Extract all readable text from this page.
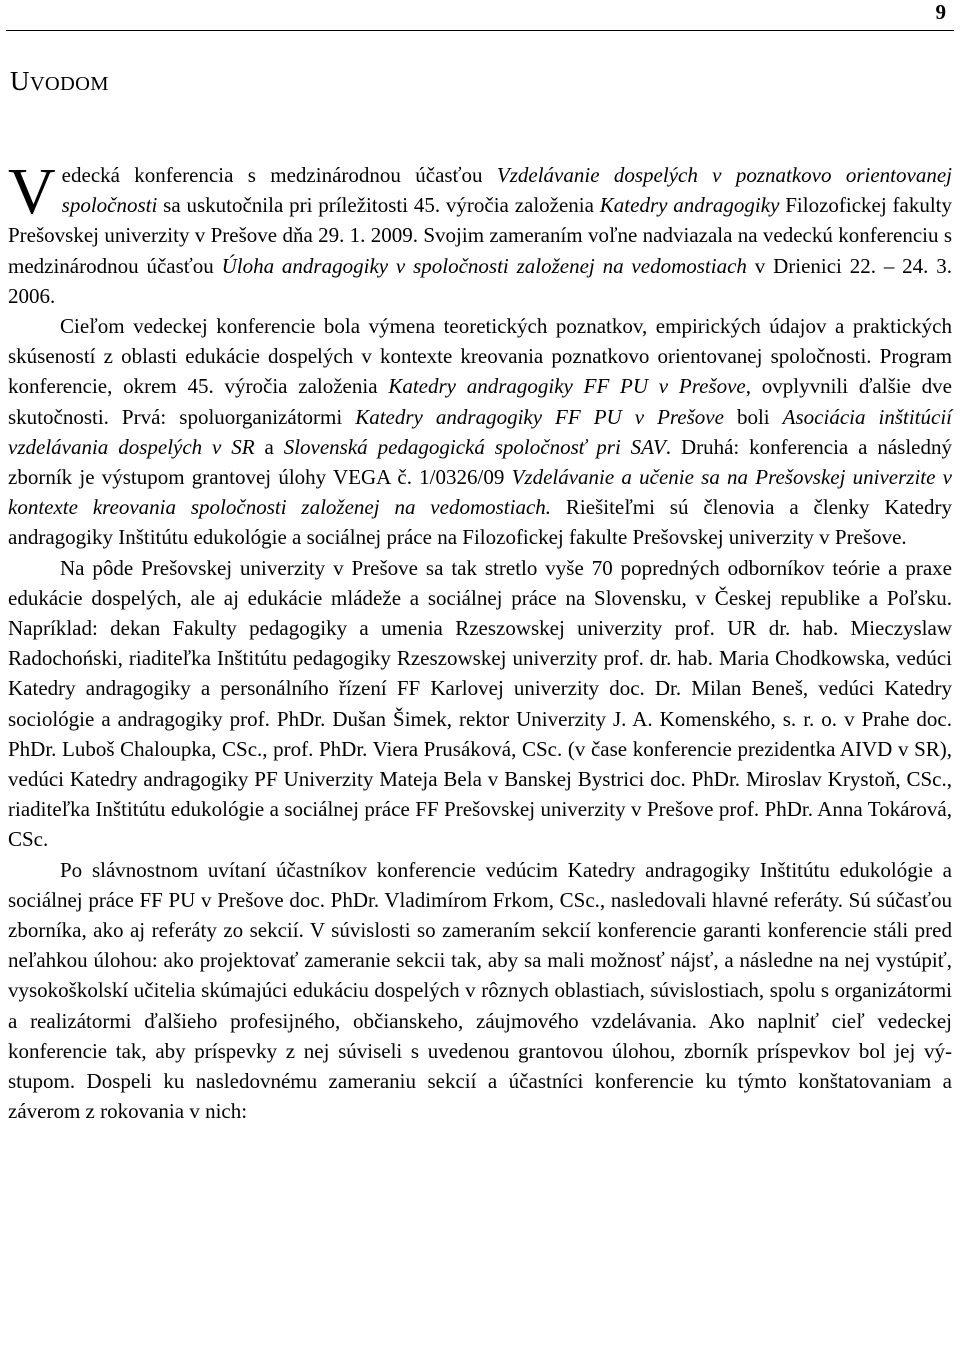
9
UVODOM

Vedecká konferencia s medzinárodnou účasťou Vzdelávanie dospelých v poznatkovo orientovanej spoločnosti sa uskutočnila pri príležitosti 45. výročia založenia Katedry andragogiky Filozofickej fakulty Prešovskej univerzity v Prešove dňa 29. 1. 2009. Svojim zameraním voľne nadviazala na vedeckú konferenciu s medzinárodnou účasťou Úloha andragogiky v spoločnosti založenej na vedomostiach v Drienici 22. – 24. 3. 2006.

Cieľom vedeckej konferencie bola výmena teoretických poznatkov, empirických údajov a praktických skúseností z oblasti edukácie dospelých v kontexte kreovania poznatkovo orientovanej spoločnosti. Program konferencie, okrem 45. výročia založenia Katedry andragogiky FF PU v Prešove, ovplyvnili ďalšie dve skutočnosti. Prvá: spoluorganizátormi Katedry andragogiky FF PU v Prešove boli Asociácia inštitúcií vzdelávania dospelých v SR a Slovenská pedagogická spoločnosť pri SAV. Druhá: konferencia a následný zborník je výstupom grantovej úlohy VEGA č. 1/0326/09 Vzdelávanie a učenie sa na Prešovskej univerzite v kontexte kreovania spoločnosti založenej na vedomostiach. Riešiteľmi sú členovia a členky Katedry andragogiky Inštitútu edukológie a sociálnej práce na Filozofickej fakulte Prešovskej univerzity v Prešove.

Na pôde Prešovskej univerzity v Prešove sa tak stretlo vyše 70 popredných odborníkov teórie a praxe edukácie dospelých, ale aj edukácie mládeže a sociálnej práce na Slovensku, v Českej republike a Poľsku. Napríklad: dekan Fakulty pedagogiky a umenia Rzeszowskej univerzity prof. UR dr. hab. Mieczyslaw Radochoński, riaditeľka Inštitútu pedagogiky Rzeszowskej univerzity prof. dr. hab. Maria Chodkowska, vedúci Katedry andragogiky a personálního řízení FF Karlovej univerzity doc. Dr. Milan Beneš, vedúci Katedry sociológie a andragogiky prof. PhDr. Dušan Šimek, rektor Univerzity J. A. Komenského, s. r. o. v Prahe doc. PhDr. Luboš Chaloupka, CSc., prof. PhDr. Viera Prusáková, CSc. (v čase konferencie prezidentka AIVD v SR), vedúci Katedry andragogiky PF Univerzity Mateja Bela v Banskej Bystrici doc. PhDr. Miroslav Krystoň, CSc., riaditeľka Inštitútu edukológie a sociálnej práce FF Prešovskej univerzity v Prešove prof. PhDr. Anna Tokárová, CSc.

Po slávnostnom uvítaní účastníkov konferencie vedúcim Katedry andragogiky Inštitútu edukológie a sociálnej práce FF PU v Prešove doc. PhDr. Vladimírom Frkom, CSc., nasledovali hlavné referáty. Sú súčasťou zborníka, ako aj referáty zo sekcií. V súvislosti so zameraním sekcií konferencie garanti konferencie stáli pred neľahkou úlohou: ako projektovať zameranie sekcii tak, aby sa mali možnosť nájsť, a následne na nej vystúpiť, vysokoškolskí učitelia skúmajúci edukáciu dospelých v rôznych oblastiach, súvislostiach, spolu s organizátormi a realizátormi ďalšieho profesijného, občianskeho, záujmového vzdelávania. Ako naplniť cieľ vedeckej konferencie tak, aby príspevky z nej súviseli s uvedenou grantovou úlohou, zborník príspevkov bol jej výstupom. Dospeli ku nasledovnému zameraniu sekcií a účastníci konferencie ku týmto konštatovaniam a záverom z rokovania v nich:
